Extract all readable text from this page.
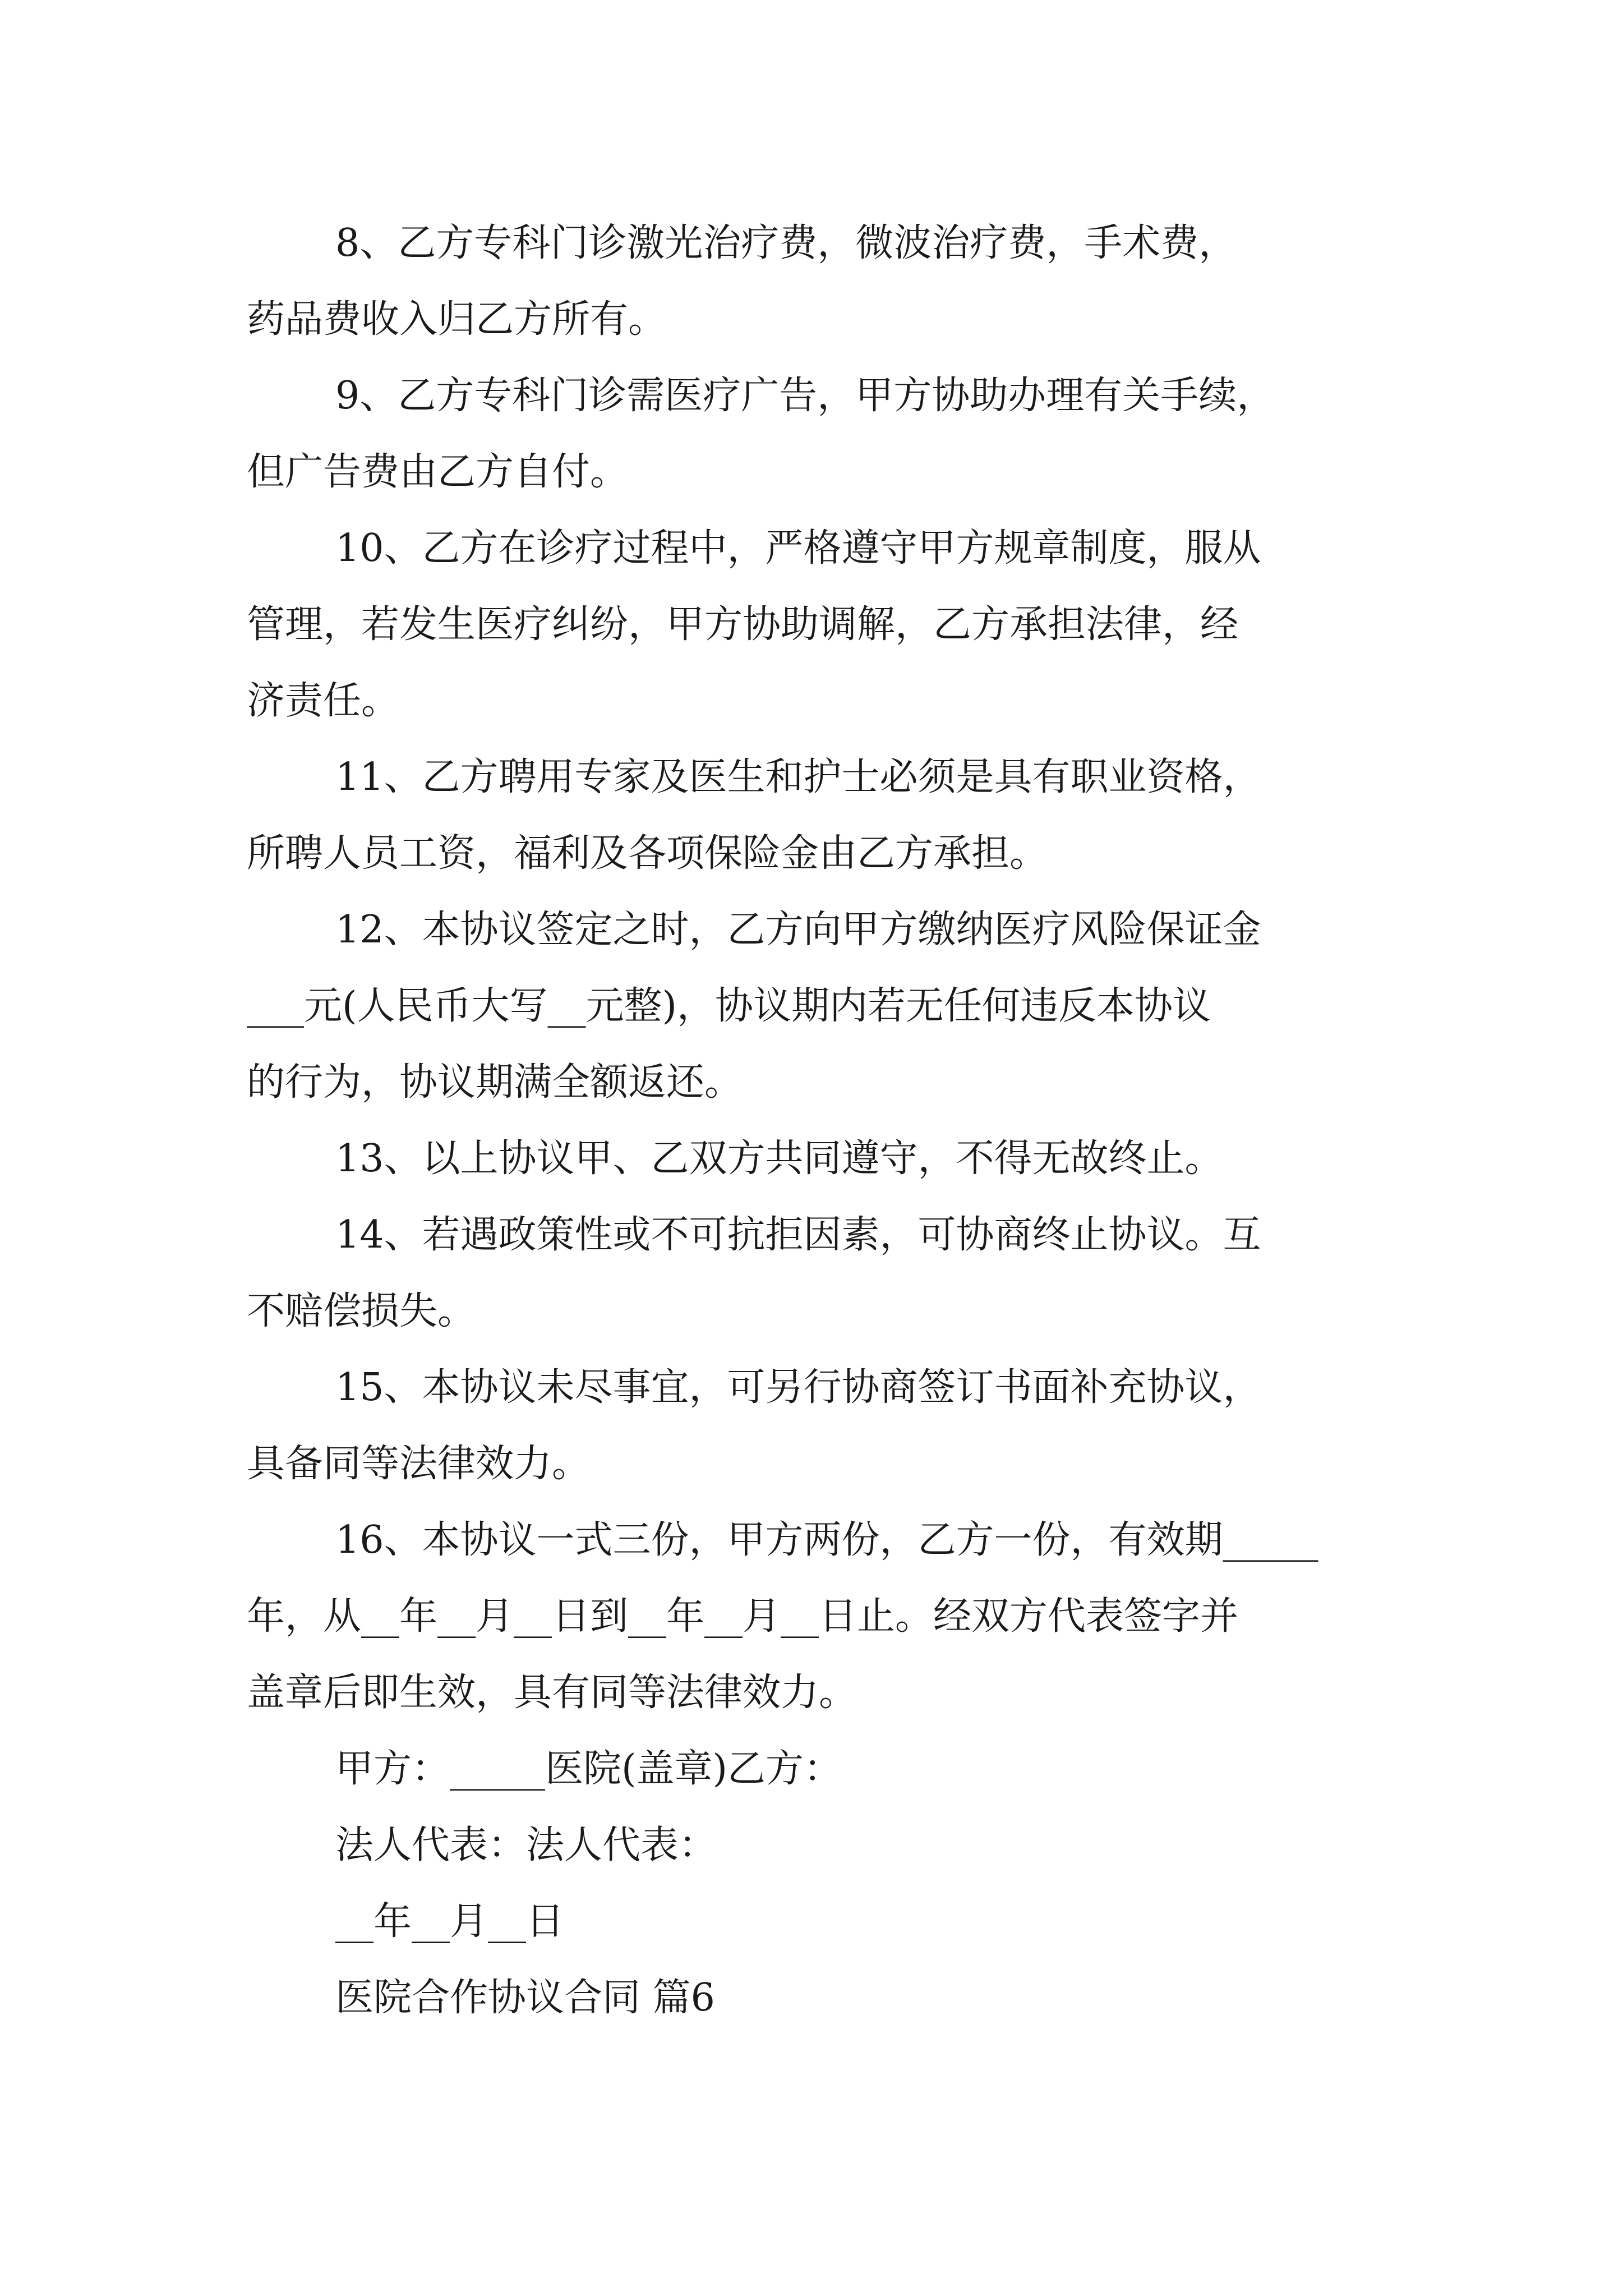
8、乙方专科门诊激光治疗费，微波治疗费，手术费，
药品费收入归乙方所有。
9、乙方专科门诊需医疗广告，甲方协助办理有关手续，
但广告费由乙方自付。
10、乙方在诊疗过程中，严格遵守甲方规章制度，服从
管理，若发生医疗纠纷，甲方协助调解，乙方承担法律，经
济责任。
11、乙方聘用专家及医生和护士必须是具有职业资格，
所聘人员工资，福利及各项保险金由乙方承担。
12、本协议签定之时，乙方向甲方缴纳医疗风险保证金
___元(人民币大写__元整)，协议期内若无任何违反本协议
的行为，协议期满全额返还。
13、以上协议甲、乙双方共同遵守，不得无故终止。
14、若遇政策性或不可抗拒因素，可协商终止协议。互
不赔偿损失。
15、本协议未尽事宜，可另行协商签订书面补充协议，
具备同等法律效力。
16、本协议一式三份，甲方两份，乙方一份，有效期_____
年，从__年__月__日到__年__月__日止。经双方代表签字并
盖章后即生效，具有同等法律效力。
甲方：_____医院(盖章)乙方：
法人代表：法人代表：
__年__月__日
医院合作协议合同 篇6
